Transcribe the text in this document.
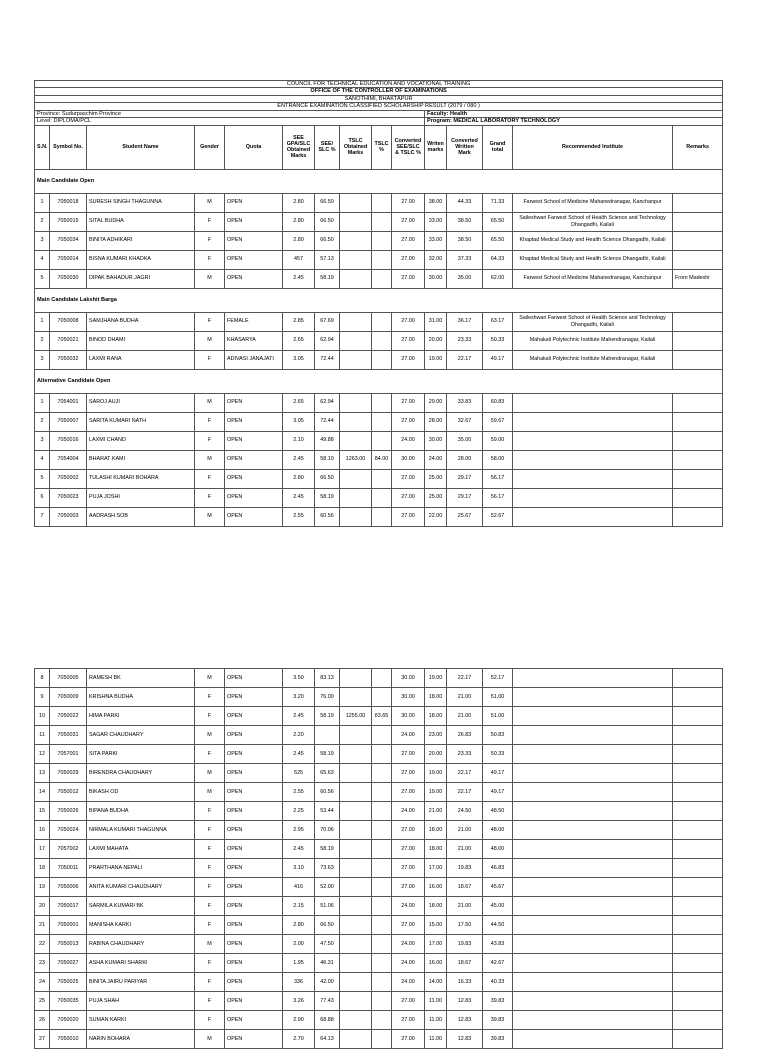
COUNCIL FOR TECHNICAL EDUCATION AND VOCATIONAL TRAINING														
OFFICE OF THE CONTROLLER OF EXAMINATIONS														
SANOTHIMI, BHAKTAPUR														
ENTRANCE EXAMINATION CLASSIFIED SCHOLARSHIP RESULT (2079 / 080 )														
Province: Sudurpaschim Province										Faculty: Health				
Level: DIPLOMA/PCL										Program: MEDICAL LABORATORY TECHNOLOGY				
S.N.	Symbol No.	Student Name	Gender	Quota	SEE GPA/SLC Obtained Marks	SEE/ SLC %	TSLC Obtained Marks	TSLC %	Converted SEE/SLC & TSLC %	Writen marks	Converted Written Mark	Grand total	Recommended Institute	Remarks
Main Candidate Open														
1	7050018	SURESH SINGH THAGUNNA	M	OPEN	2.80	66.50			27.00	38.00	44.33	71.33	Farwest School of Medicine Mahanedranagar, Kanchanpur	
2	7050015	SITAL BUDHA	F	OPEN	2.80	66.50			27.00	33.00	38.50	65.50	Saileshwari Farwest School of Health Science and Technology Dhangadhi, Kailali	
3	7050034	BINITA ADHIKARI	F	OPEN	2.80	66.50			27.00	33.00	38.50	65.50	Khaptad Medical Study and Health Science Dhangadhi, Kailali	
4	7050014	BISNA KUMARI KHADKA	F	OPEN	457	57.13			27.00	32.00	37.33	64.33	Khaptad Medical Study and Health Science Dhangadhi, Kailali	
5	7050030	DIPAK BAHADUR JAGRI	M	OPEN	2.45	58.19			27.00	30.00	35.00	62.00	Farwest School of Medicine Mahanedranagar, Kanchanpur	From Madeshi
Main Candidate Lakshit Barga														
1	7050008	SAMJHANA BUDHA	F	FEMALE	2.85	67.69			27.00	31.00	36.17	63.17	Saileshwari Farwest School of Health Science and Technology Dhangadhi, Kailali	
2	7050021	BINOD DHAMI	M	KHASARYA	2.65	62.94			27.00	20.00	23.33	50.33	Mahakali Polytechnic Institute Mahendranagar, Kailali	
3	7050032	LAXMI RANA	F	ADIVASI JANAJATI	3.05	72.44			27.00	19.00	22.17	49.17	Mahakali Polytechnic Institute Mahendranagar, Kailali	
Alternative Candidate Open														
1	7054001	SAROJ AUJI	M	OPEN	2.65	62.94			27.00	29.00	33.83	60.83		
2	7050007	SARITA KUMARI NATH	F	OPEN	3.05	72.44			27.00	28.00	32.67	59.67		
3	7050016	LAXMI CHAND	F	OPEN	2.10	49.88			24.00	30.00	35.00	59.00		
4	7054004	BHARAT KAMI	M	OPEN	2.45	58.19	1263.00	84.00	30.00	24.00	28.00	58.00		
5	7050002	TULASHI KUMARI BOHARA	F	OPEN	2.80	66.50			27.00	25.00	29.17	56.17		
6	7050023	PUJA JOSHI	F	OPEN	2.45	58.19			27.00	25.00	29.17	56.17		
7	7050003	AADRASH SOB	M	OPEN	2.55	60.56			27.00	22.00	25.67	52.67		
8	7050005	RAMESH BK	M	OPEN	3.50	83.13			30.00	19.00	22.17	52.17		
9	7050009	KRISHNA BUDHA	F	OPEN	3.20	76.00			30.00	18.00	21.00	51.00		
10	7050022	HIMA PARKI	F	OPEN	2.45	58.19	1255.00	83.65	30.00	18.00	21.00	51.00		
11	7050031	SAGAR CHAUDHARY	M	OPEN	2.20				24.00	23.00	26.83	50.83		
12	7057001	SITA PARKI	F	OPEN	2.45	58.19			27.00	20.00	23.33	50.33		
13	7050029	BIRENDRA CHAUDHARY	M	OPEN	525	65.63			27.00	19.00	22.17	49.17		
14	7050012	BIKASH OD	M	OPEN	2.55	60.56			27.00	19.00	22.17	49.17		
15	7050026	BIPANA BUDHA	F	OPEN	2.25	53.44			24.00	21.00	24.50	48.50		
16	7050024	NIRMALA KUMARI THAGUNNA	F	OPEN	2.95	70.06			27.00	18.00	21.00	48.00		
17	7057002	LAXMI MAHATA	F	OPEN	2.45	58.19			27.00	18.00	21.00	48.00		
18	7050011	PRARTHANA NEPALI	F	OPEN	3.10	73.63			27.00	17.00	19.83	46.83		
19	7050006	ANITA KUMARI CHAUDHARY	F	OPEN	416	52.00			27.00	16.00	18.67	45.67		
20	7050017	SARMILA KUMARI BK	F	OPEN	2.15	51.06			24.00	18.00	21.00	45.00		
21	7050001	MANISHA KARKI	F	OPEN	2.80	66.50			27.00	15.00	17.50	44.50		
22	7050013	RABINA CHAUDHARY	M	OPEN	2.00	47.50			24.00	17.00	19.83	43.83		
23	7050027	ASHA KUMARI SHARKI	F	OPEN	1.95	46.31			24.00	16.00	18.67	42.67		
24	7050025	BINITA JAIRU PARIYAR	F	OPEN	336	42.00			24.00	14.00	16.33	40.33		
25	7050035	PUJA SHAH	F	OPEN	3.26	77.43			27.00	11.00	12.83	39.83		
26	7050020	SUMAN KARKI	F	OPEN	2.90	68.88			27.00	11.00	12.83	39.83		
27	7050010	NARIN BOHARA	M	OPEN	2.70	64.13			27.00	11.00	12.83	39.83		
